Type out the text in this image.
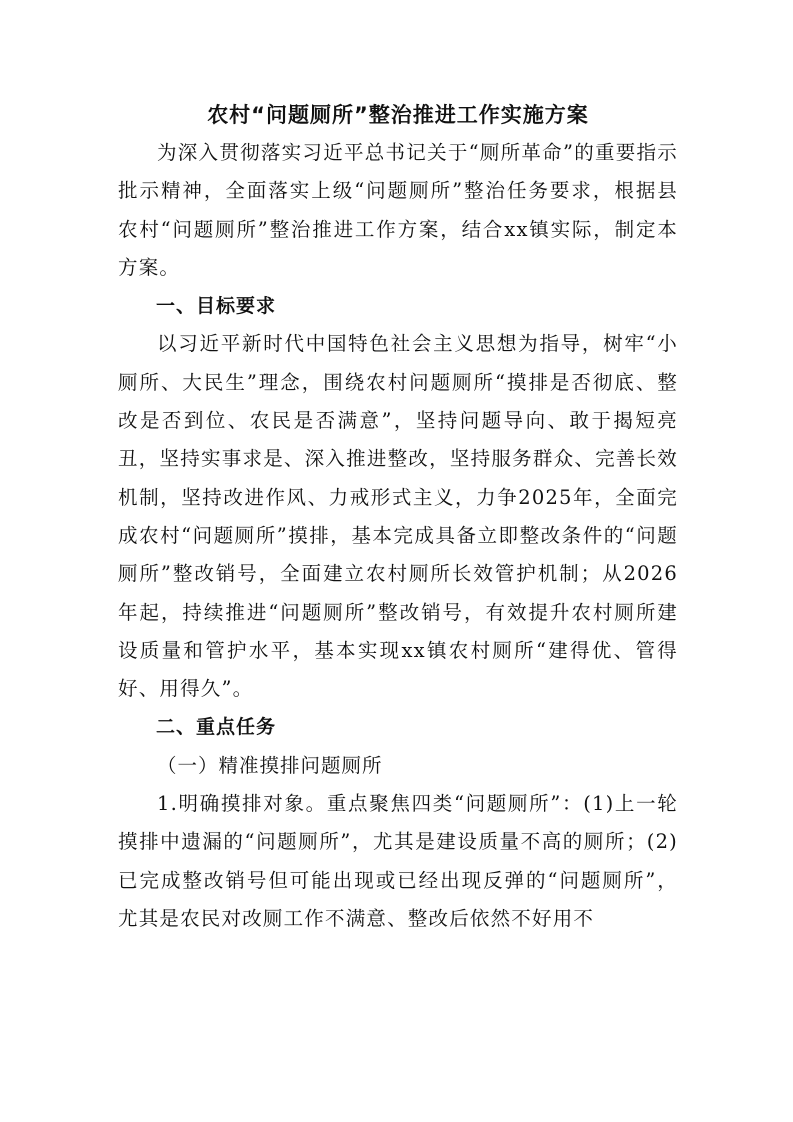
农村“问题厕所”整治推进工作实施方案

为深入贯彻落实习近平总书记关于“厕所革命”的重要指示批示精神，全面落实上级“问题厕所”整治任务要求，根据县农村“问题厕所”整治推进工作方案，结合xx镇实际，制定本方案。

一、目标要求

以习近平新时代中国特色社会主义思想为指导，树牢“小厕所、大民生”理念，围绕农村问题厕所“摸排是否彻底、整改是否到位、农民是否满意”，坚持问题导向、敢于揭短亮丑，坚持实事求是、深入推进整改，坚持服务群众、完善长效机制，坚持改进作风、力戒形式主义，力争2025年，全面完成农村“问题厕所”摸排，基本完成具备立即整改条件的“问题厕所”整改销号，全面建立农村厕所长效管护机制；从2026年起，持续推进“问题厕所”整改销号，有效提升农村厕所建设质量和管护水平，基本实现xx镇农村厕所“建得优、管得好、用得久”。

二、重点任务

（一）精准摸排问题厕所

1.明确摸排对象。重点聚焦四类“问题厕所”：(1)上一轮摸排中遗漏的“问题厕所”，尤其是建设质量不高的厕所；(2)已完成整改销号但可能出现或已经出现反弹的“问题厕所”，尤其是农民对改厕工作不满意、整改后依然不好用不
